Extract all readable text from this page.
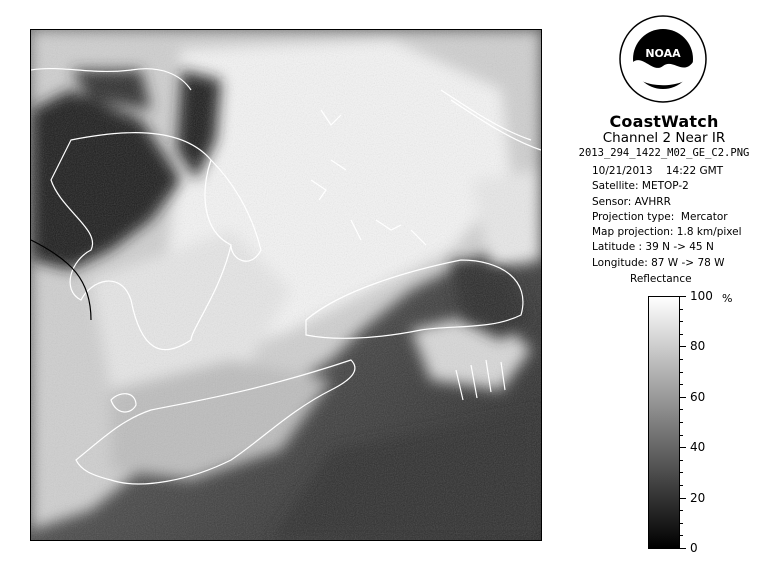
NOAA
CoastWatch
Channel 2 Near IR
2013_294_1422_M02_GE_C2.PNG
10/21/2013    14:22 GMT
Satellite: METOP-2
Sensor: AVHRR
Projection type:  Mercator
Map projection: 1.8 km/pixel
Latitude : 39 N -> 45 N
Longitude: 87 W -> 78 W
Reflectance
100
80
60
40
20
0
%
